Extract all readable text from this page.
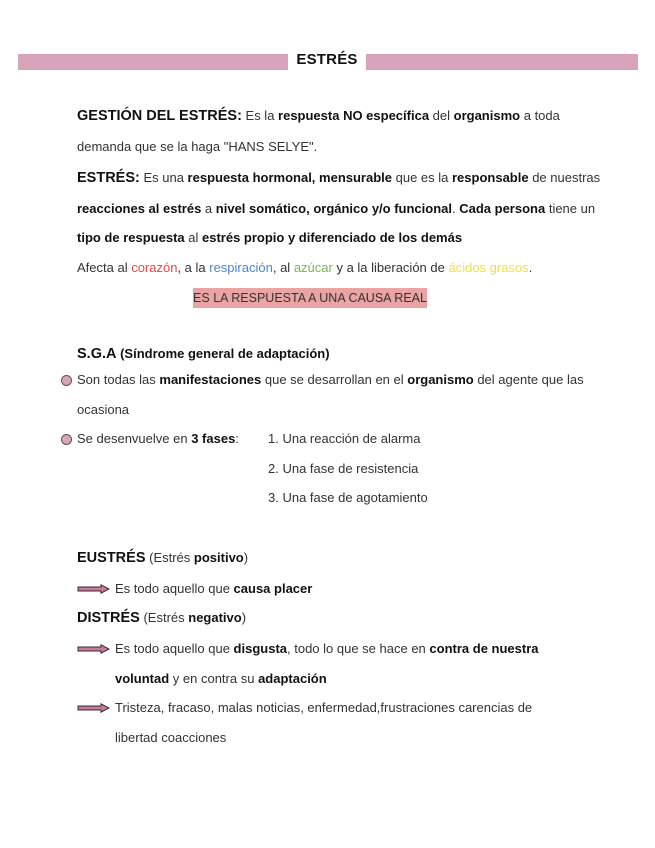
ESTRÉS
GESTIÓN DEL ESTRÉS: Es la respuesta NO específica del organismo a toda
demanda que se la haga "HANS SELYE".
ESTRÉS: Es una respuesta hormonal, mensurable que es la responsable de nuestras
reacciones al estrés a nivel somático, orgánico y/o funcional. Cada persona tiene un
tipo de respuesta al estrés propio y diferenciado de los demás
Afecta al corazón, a la respiración, al azúcar y a la liberación de ácidos grasos.
ES LA RESPUESTA A UNA CAUSA REAL
S.G.A (Síndrome general de adaptación)
Son todas las manifestaciones que se desarrollan en el organismo del agente que las
ocasiona
Se desenvuelve en 3 fases: 1. Una reacción de alarma
2. Una fase de resistencia
3. Una fase de agotamiento
EUSTRÉS (Estrés positivo)
Es todo aquello que causa placer
DISTRÉS (Estrés negativo)
Es todo aquello que disgusta, todo lo que se hace en contra de nuestra
voluntad y en contra su adaptación
Tristeza, fracaso, malas noticias, enfermedad,frustraciones carencias de
libertad coacciones
